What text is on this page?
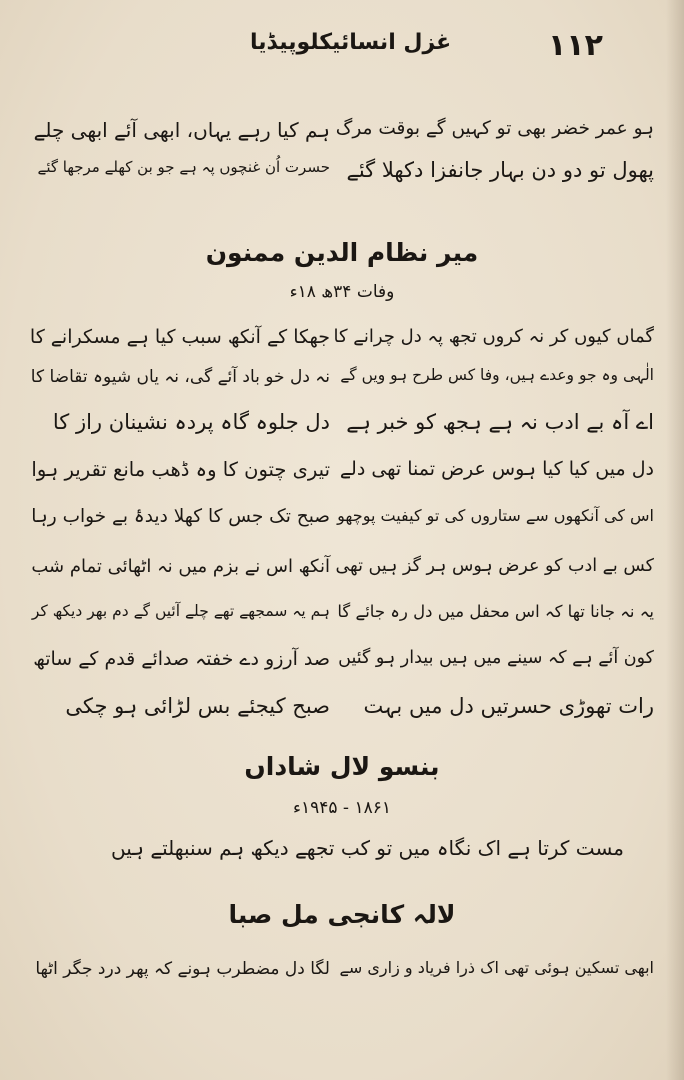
۱۱۲
غزل انسائیکلوپیڈیا
ہو عمر خضر بھی تو کہیں گے بوقت مرگ
ہم کیا رہے یہاں، ابھی آئے ابھی چلے
پھول تو دو دن بہار جانفزا دکھلا گئے
حسرت اُن غنچوں پہ ہے جو بن کھلے مرجھا گئے
میر نظام الدین ممنون
وفات ۳۴ھ ۱۸ء
گماں کیوں کر نہ کروں تجھ پہ دل چرانے کا
جھکا کے آنکھ سبب کیا ہے مسکرانے کا
الٰہی وہ جو وعدے ہیں، وفا کس طرح ہو ویں گے
نہ دل خو باد آئے گی، نہ یاں شیوہ تقاضا کا
اے آہ بے ادب نہ ہے ہجھ کو خبر ہے
دل جلوہ گاہ پردہ نشینان راز کا
دل میں کیا کیا ہوس عرض تمنا تھی دلے
تیری چتون کا وہ ڈھب مانع تقریر ہوا
اس کی آنکھوں سے ستاروں کی تو کیفیت پوچھو
صبح تک جس کا کھلا دیدۂ بے خواب رہا
کس بے ادب کو عرض ہوس ہر گز ہیں تھی
آنکھ اس نے بزم میں نہ اٹھائی تمام شب
یہ نہ جانا تھا کہ اس محفل میں دل رہ جائے گا
ہم یہ سمجھے تھے چلے آئیں گے دم بھر دیکھ کر
کون آئے ہے کہ سینے میں ہیں بیدار ہو گئیں
صد آرزو دے خفتہ صدائے قدم کے ساتھ
رات تھوڑی حسرتیں دل میں بہت
صبح کیجئے بس لڑائی ہو چکی
بنسو لال شاداں
۱۸۶۱ - ۱۹۴۵ء
مست کرتا ہے اک نگاہ میں تو
کب تجھے دیکھ ہم سنبھلتے ہیں
لالہ کانجی مل صبا
ابھی تسکین ہوئی تھی اک ذرا فریاد و زاری سے
لگا دل مضطرب ہونے کہ پھر درد جگر اٹھا
